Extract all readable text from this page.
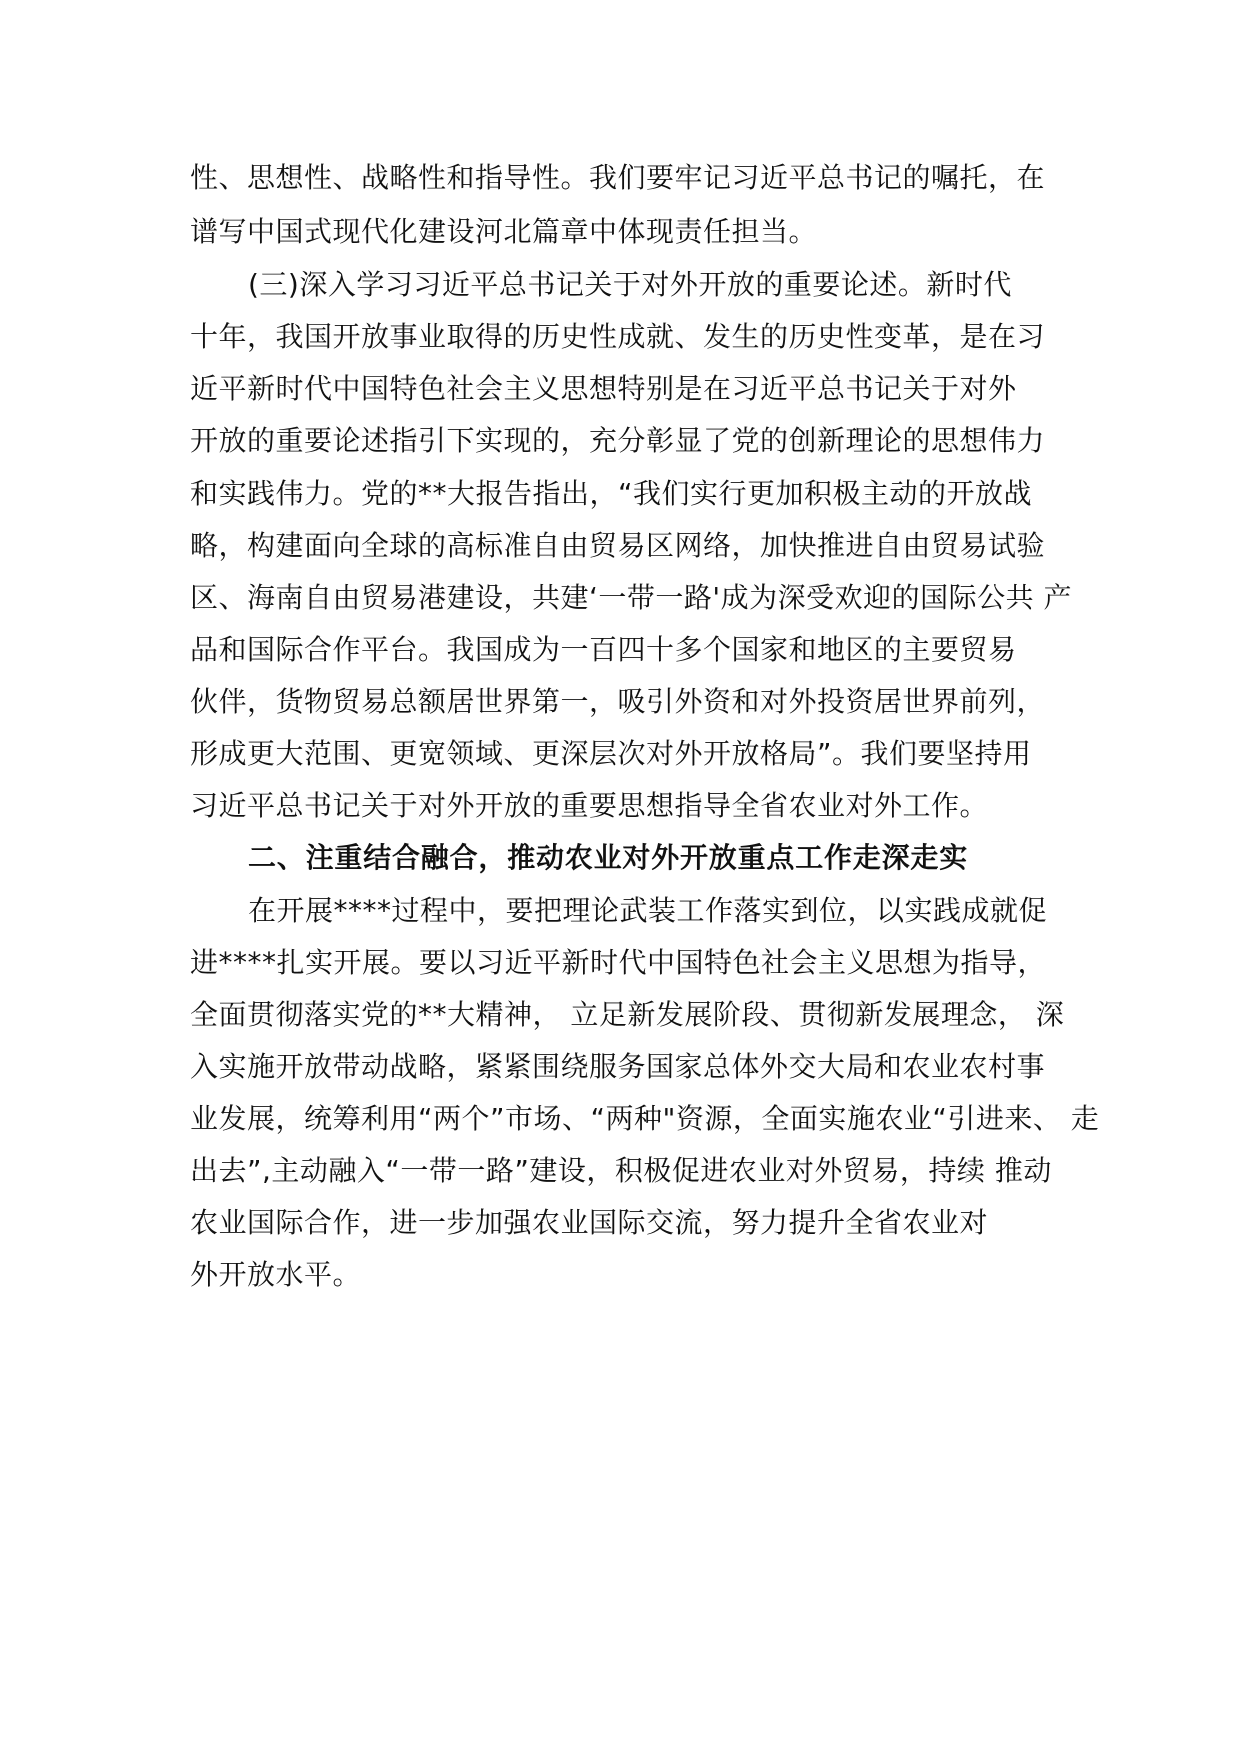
性、思想性、战略性和指导性。我们要牢记习近平总书记的嘱托，在
谱写中国式现代化建设河北篇章中体现责任担当。
(三)深入学习习近平总书记关于对外开放的重要论述。新时代
十年，我国开放事业取得的历史性成就、发生的历史性变革，是在习
近平新时代中国特色社会主义思想特别是在习近平总书记关于对外
开放的重要论述指引下实现的，充分彰显了党的创新理论的思想伟力
和实践伟力。党的**大报告指出，“我们实行更加积极主动的开放战
略，构建面向全球的高标准自由贸易区网络，加快推进自由贸易试验
区、海南自由贸易港建设，共建‘一带一路'成为深受欢迎的国际公共 产
品和国际合作平台。我国成为一百四十多个国家和地区的主要贸易
伙伴，货物贸易总额居世界第一，吸引外资和对外投资居世界前列，
形成更大范围、更宽领域、更深层次对外开放格局”。我们要坚持用
习近平总书记关于对外开放的重要思想指导全省农业对外工作。
二、注重结合融合，推动农业对外开放重点工作走深走实
在开展****过程中，要把理论武装工作落实到位，以实践成就促
进****扎实开展。要以习近平新时代中国特色社会主义思想为指导，
全面贯彻落实党的**大精神， 立足新发展阶段、贯彻新发展理念， 深
入实施开放带动战略，紧紧围绕服务国家总体外交大局和农业农村事
业发展，统筹利用“两个”市场、“两种"资源，全面实施农业“引进来、 走
出去”,主动融入“一带一路”建设，积极促进农业对外贸易，持续 推动
农业国际合作，进一步加强农业国际交流，努力提升全省农业对
外开放水平。
